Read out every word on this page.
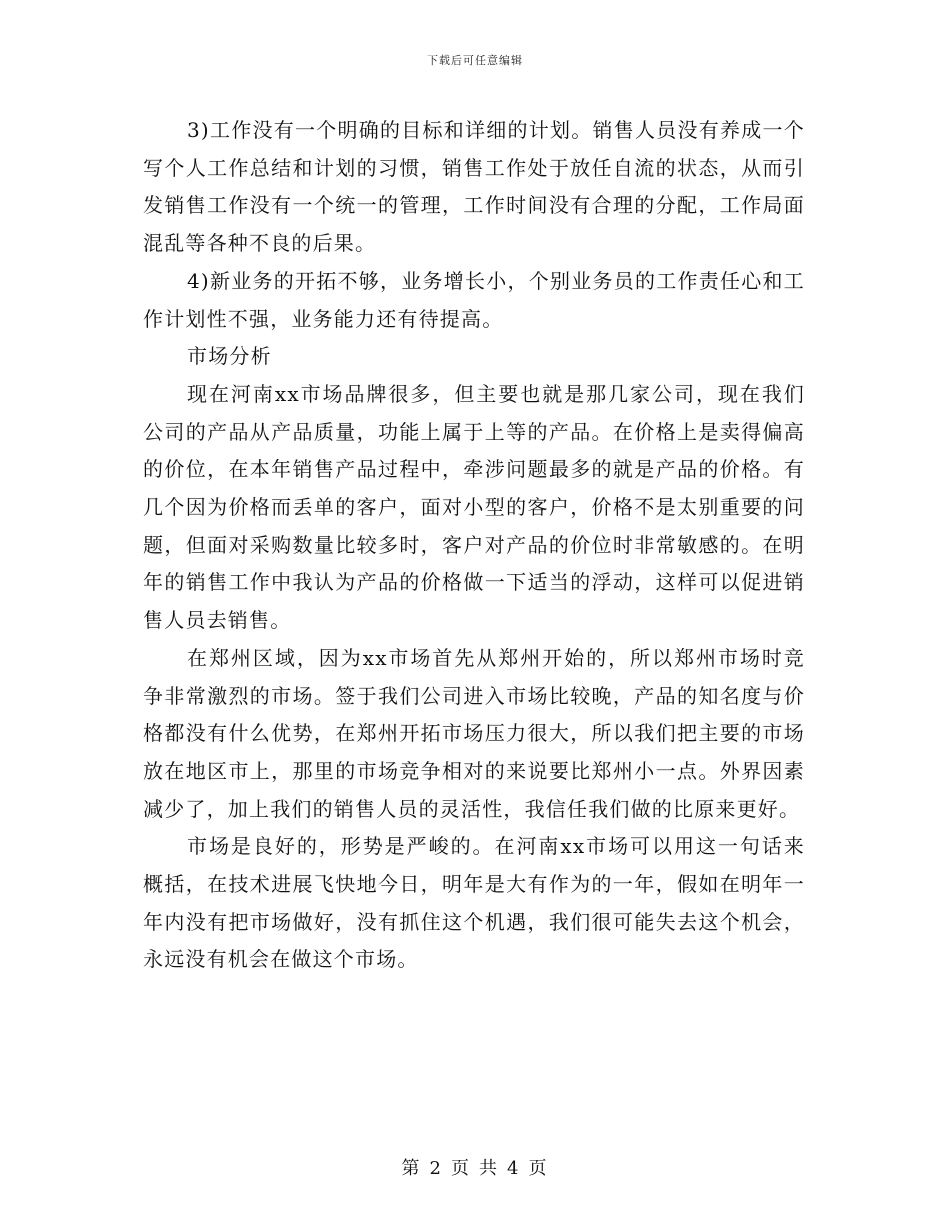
下载后可任意编辑

3)工作没有一个明确的目标和详细的计划。销售人员没有养成一个写个人工作总结和计划的习惯，销售工作处于放任自流的状态，从而引发销售工作没有一个统一的管理，工作时间没有合理的分配，工作局面混乱等各种不良的后果。

4)新业务的开拓不够，业务增长小，个别业务员的工作责任心和工作计划性不强，业务能力还有待提高。

市场分析

现在河南xx市场品牌很多，但主要也就是那几家公司，现在我们公司的产品从产品质量，功能上属于上等的产品。在价格上是卖得偏高的价位，在本年销售产品过程中，牵涉问题最多的就是产品的价格。有几个因为价格而丢单的客户，面对小型的客户，价格不是太别重要的问题，但面对采购数量比较多时，客户对产品的价位时非常敏感的。在明年的销售工作中我认为产品的价格做一下适当的浮动，这样可以促进销售人员去销售。

在郑州区域，因为xx市场首先从郑州开始的，所以郑州市场时竞争非常激烈的市场。签于我们公司进入市场比较晚，产品的知名度与价格都没有什么优势，在郑州开拓市场压力很大，所以我们把主要的市场放在地区市上，那里的市场竞争相对的来说要比郑州小一点。外界因素减少了，加上我们的销售人员的灵活性，我信任我们做的比原来更好。

市场是良好的，形势是严峻的。在河南xx市场可以用这一句话来概括，在技术进展飞快地今日，明年是大有作为的一年，假如在明年一年内没有把市场做好，没有抓住这个机遇，我们很可能失去这个机会，永远没有机会在做这个市场。

第 2 页 共 4 页
